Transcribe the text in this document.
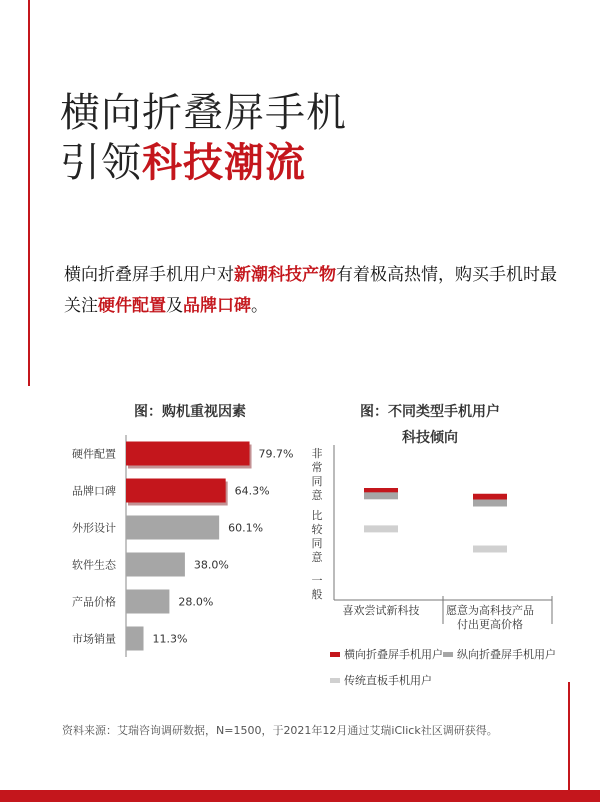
横向折叠屏手机
引领科技潮流
横向折叠屏手机用户对新潮科技产物有着极高热情，购买手机时最关注硬件配置及品牌口碑。
图：购机重视因素	图：不同类型手机用户
科技倾向
硬件配置	79.7%
品牌口碑	64.3%
外形设计	60.1%
软件生态	38.0%
产品价格	28.0%
市场销量	11.3%
非
常
同
意
比
较
同
意
一
般
喜欢尝试新科技 愿意为高科技产品
付出更高价格
横向折叠屏手机用户 纵向折叠屏手机用户
传统直板手机用户
资料来源：艾瑞咨询调研数据，N=1500，于2021年12月通过艾瑞iClick社区调研获得。
